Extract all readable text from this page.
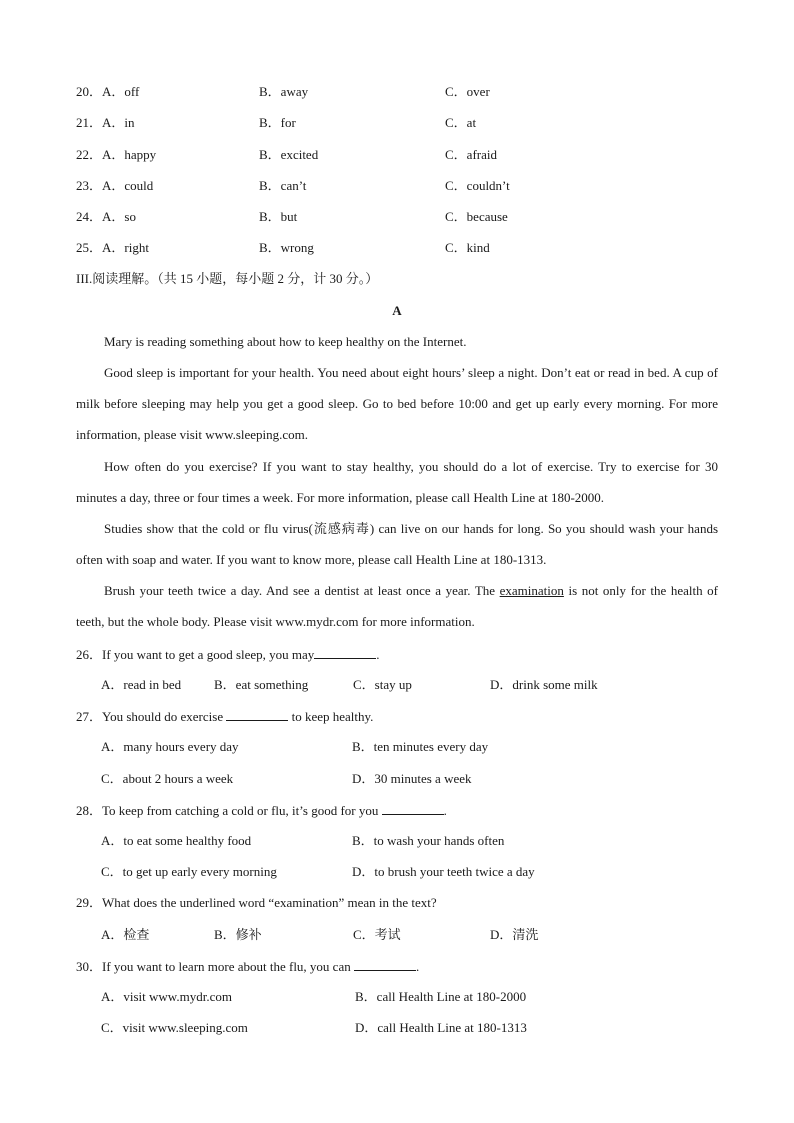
20．A．off	B．away	C．over
21．A．in	B．for	C．at
22．A．happy	B．excited	C．afraid
23．A．could	B．can’t	C．couldn’t
24．A．so	B．but	C．because
25．A．right	B．wrong	C．kind
III.阅读理解。（共 15 小题，每小题 2 分，计 30 分。）
A
Mary is reading something about how to keep healthy on the Internet.
Good sleep is important for your health. You need about eight hours’ sleep a night. Don’t eat or read in bed. A cup of milk before sleeping may help you get a good sleep. Go to bed before 10:00 and get up early every morning. For more information, please visit www.sleeping.com.
How often do you exercise? If you want to stay healthy, you should do a lot of exercise. Try to exercise for 30 minutes a day, three or four times a week. For more information, please call Health Line at 180-2000.
Studies show that the cold or flu virus(流感病毒) can live on our hands for long. So you should wash your hands often with soap and water. If you want to know more, please call Health Line at 180-1313.
Brush your teeth twice a day. And see a dentist at least once a year. The examination is not only for the health of teeth, but the whole body. Please visit www.mydr.com for more information.
26．If you want to get a good sleep, you may	.
A．read in bed	B．eat something	C．stay up	D．drink some milk
27．You should do exercise	to keep healthy.
A．many hours every day	B．ten minutes every day
C．about 2 hours a week	D．30 minutes a week
28．To keep from catching a cold or flu, it’s good for you	.
A．to eat some healthy food	B．to wash your hands often
C．to get up early every morning	D．to brush your teeth twice a day
29．What does the underlined word “examination” mean in the text?
A．检查	B．修补	C．考试	D．清洗
30．If you want to learn more about the flu, you can	.
A．visit www.mydr.com	B．call Health Line at 180-2000
C．visit www.sleeping.com	D．call Health Line at 180-1313
